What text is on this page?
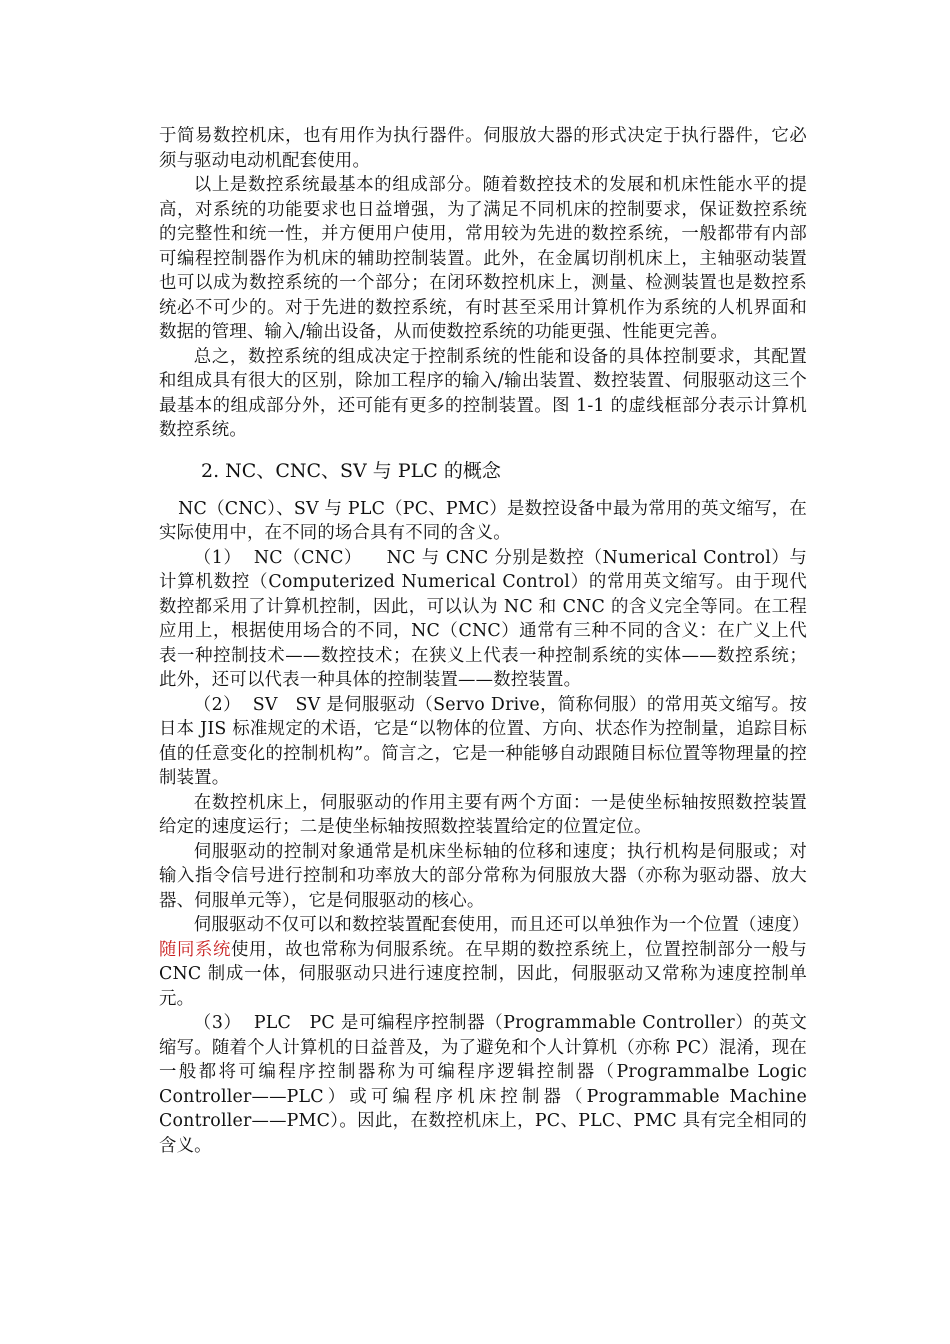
于简易数控机床，也有用作为执行器件。伺服放大器的形式决定于执行器件，它必须与驱动电动机配套使用。

以上是数控系统最基本的组成部分。随着数控技术的发展和机床性能水平的提高，对系统的功能要求也日益增强，为了满足不同机床的控制要求，保证数控系统的完整性和统一性，并方便用户使用，常用较为先进的数控系统，一般都带有内部可编程控制器作为机床的辅助控制装置。此外，在金属切削机床上，主轴驱动装置也可以成为数控系统的一个部分；在闭环数控机床上，测量、检测装置也是数控系统必不可少的。对于先进的数控系统，有时甚至采用计算机作为系统的人机界面和数据的管理、输入/输出设备，从而使数控系统的功能更强、性能更完善。

总之，数控系统的组成决定于控制系统的性能和设备的具体控制要求，其配置和组成具有很大的区别，除加工程序的输入/输出装置、数控装置、伺服驱动这三个最基本的组成部分外，还可能有更多的控制装置。图 1-1 的虚线框部分表示计算机数控系统。

2. NC、CNC、SV 与 PLC 的概念

NC（CNC）、SV 与 PLC（PC、PMC）是数控设备中最为常用的英文缩写，在实际使用中，在不同的场合具有不同的含义。

（1）  NC（CNC）    NC 与 CNC 分别是数控（Numerical Control）与计算机数控（Computerized Numerical Control）的常用英文缩写。由于现代数控都采用了计算机控制，因此，可以认为 NC 和 CNC 的含义完全等同。在工程应用上，根据使用场合的不同，NC（CNC）通常有三种不同的含义：在广义上代表一种控制技术——数控技术；在狭义上代表一种控制系统的实体——数控系统；此外，还可以代表一种具体的控制装置——数控装置。

（2）  SV   SV 是伺服驱动（Servo Drive，简称伺服）的常用英文缩写。按日本 JIS 标准规定的术语，它是“以物体的位置、方向、状态作为控制量，追踪目标值的任意变化的控制机构”。简言之，它是一种能够自动跟随目标位置等物理量的控制装置。

在数控机床上，伺服驱动的作用主要有两个方面：一是使坐标轴按照数控装置给定的速度运行；二是使坐标轴按照数控装置给定的位置定位。

伺服驱动的控制对象通常是机床坐标轴的位移和速度；执行机构是伺服或；对输入指令信号进行控制和功率放大的部分常称为伺服放大器（亦称为驱动器、放大器、伺服单元等），它是伺服驱动的核心。

伺服驱动不仅可以和数控装置配套使用，而且还可以单独作为一个位置（速度）随同系统使用，故也常称为伺服系统。在早期的数控系统上，位置控制部分一般与 CNC 制成一体，伺服驱动只进行速度控制，因此，伺服驱动又常称为速度控制单元。

（3）  PLC   PC 是可编程序控制器（Programmable Controller）的英文缩写。随着个人计算机的日益普及，为了避免和个人计算机（亦称 PC）混淆，现在一般都将可编程序控制器称为可编程序逻辑控制器（Programmalbe Logic Controller——PLC）或可编程序机床控制器（Programmable Machine Controller——PMC）。因此，在数控机床上，PC、PLC、PMC 具有完全相同的含义。
